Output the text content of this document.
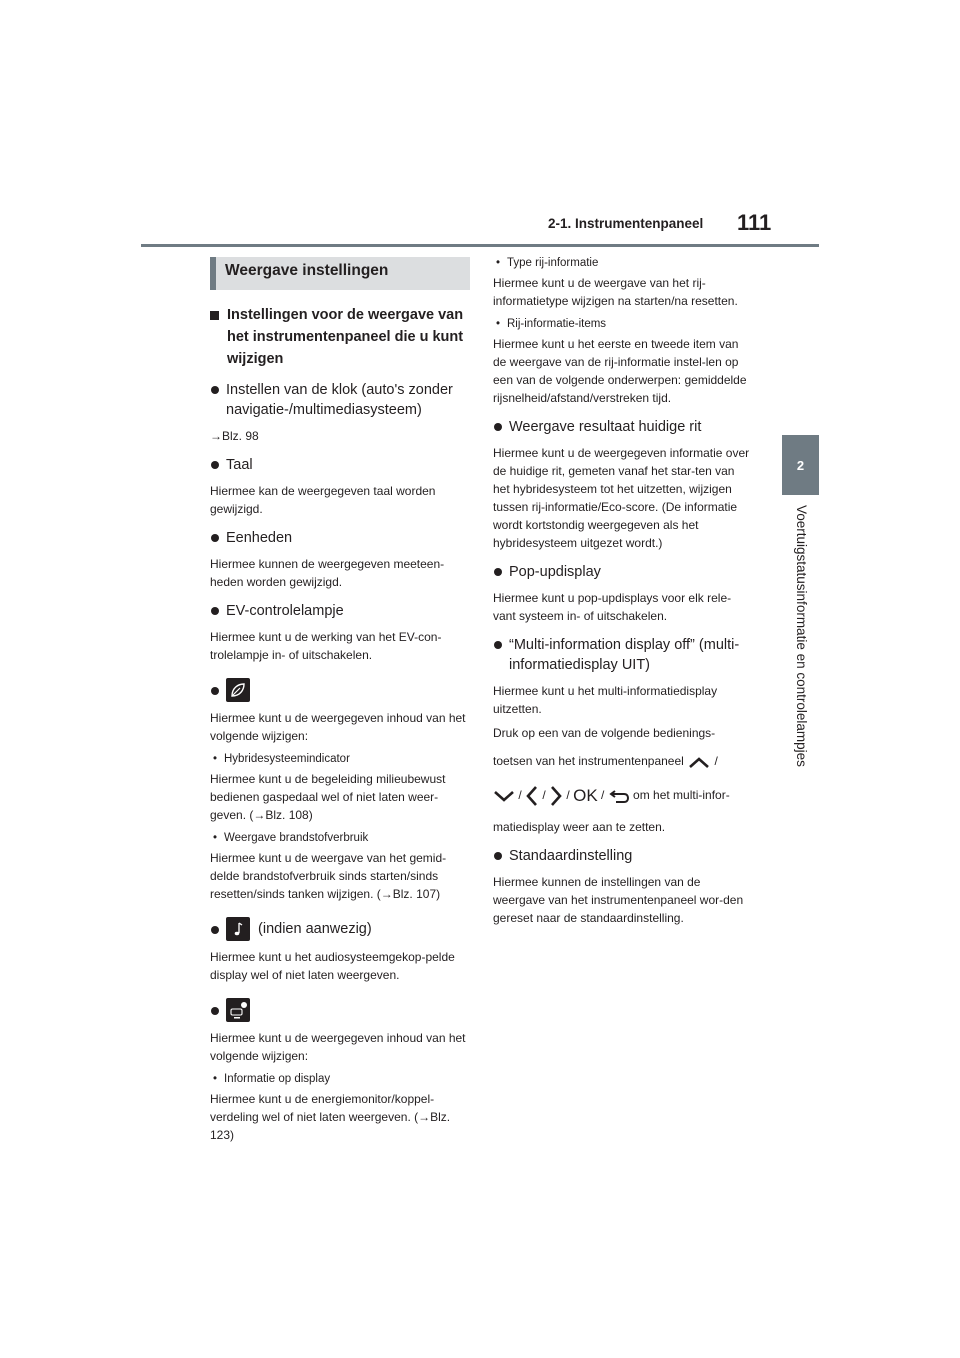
2-1. Instrumentenpaneel 111
2
Voertuigstatusinformatie en controlelampjes
Weergave instellingen
Instellingen voor de weergave van het instrumentenpaneel die u kunt wijzigen
Instellen van de klok (auto's zonder navigatie-/multimediasysteem)
→Blz. 98
Taal
Hiermee kan de weergegeven taal worden gewijzigd.
Eenheden
Hiermee kunnen de weergegeven meeteen-heden worden gewijzigd.
EV-controlelampje
Hiermee kunt u de werking van het EV-con-trolelampje in- of uitschakelen.
Hiermee kunt u de weergegeven inhoud van het volgende wijzigen:
• Hybridesysteemindicator
Hiermee kunt u de begeleiding milieubewust bedienen gaspedaal wel of niet laten weer-geven. (→Blz. 108)
• Weergave brandstofverbruik
Hiermee kunt u de weergave van het gemid-delde brandstofverbruik sinds starten/sinds resetten/sinds tanken wijzigen. (→Blz. 107)
(indien aanwezig)
Hiermee kunt u het audiosysteemgekop-pelde display wel of niet laten weergeven.
Hiermee kunt u de weergegeven inhoud van het volgende wijzigen:
• Informatie op display
Hiermee kunt u de energiemonitor/koppel-verdeling wel of niet laten weergeven. (→Blz. 123)
• Type rij-informatie
Hiermee kunt u de weergave van het rij-informatietype wijzigen na starten/na resetten.
• Rij-informatie-items
Hiermee kunt u het eerste en tweede item van de weergave van de rij-informatie instel-len op een van de volgende onderwerpen: gemiddelde rijsnelheid/afstand/verstreken tijd.
Weergave resultaat huidige rit
Hiermee kunt u de weergegeven informatie over de huidige rit, gemeten vanaf het star-ten van het hybridesysteem tot het uitzetten, wijzigen tussen rij-informatie/Eco-score. (De informatie wordt kortstondig weergegeven als het hybridesysteem uitgezet wordt.)
Pop-updisplay
Hiermee kunt u pop-updisplays voor elk rele-vant systeem in- of uitschakelen.
“Multi-information display off” (multi-informatiedisplay UIT)
Hiermee kunt u het multi-informatiedisplay uitzetten.
Druk op een van de volgende bedienings-
toetsen van het instrumentenpaneel	/
/ / / OK / om het multi-infor-
matiedisplay weer aan te zetten.
Standaardinstelling
Hiermee kunnen de instellingen van de weergave van het instrumentenpaneel wor-den gereset naar de standaardinstelling.
